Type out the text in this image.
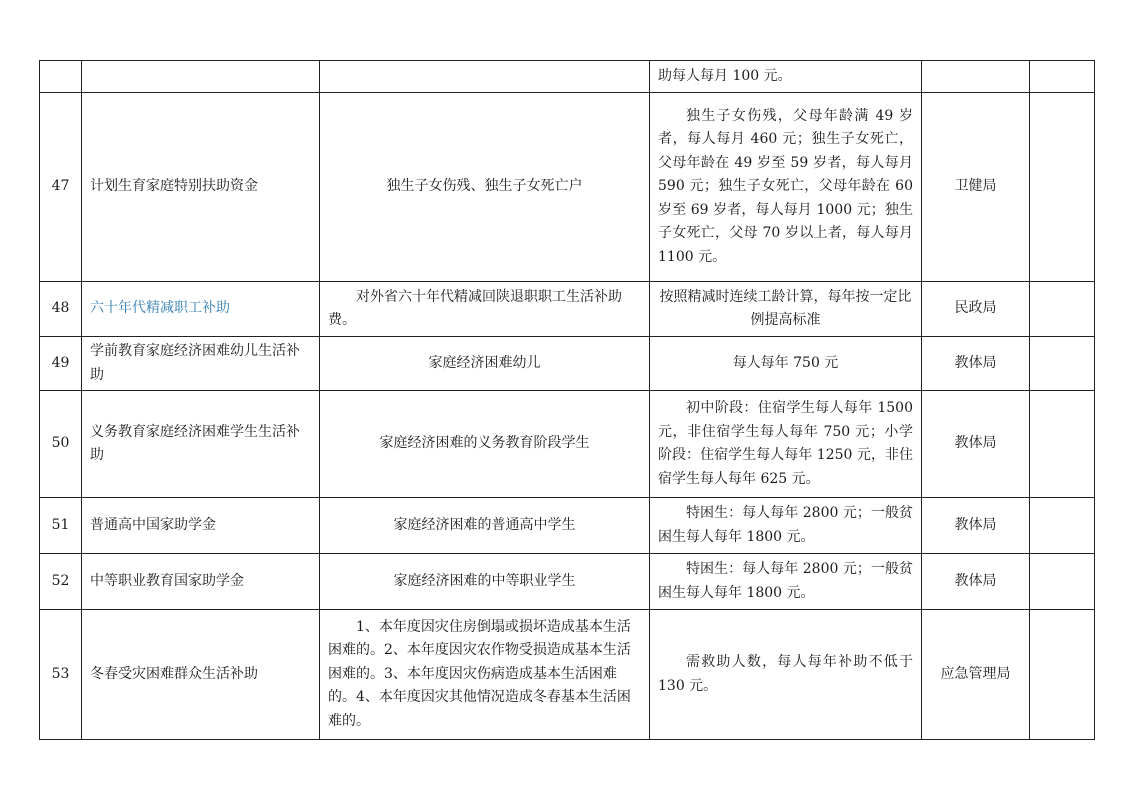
			助每人每月 100 元。		
47	计划生育家庭特别扶助资金	独生子女伤残、独生子女死亡户	独生子女伤残，父母年龄满 49 岁者，每人每月 460 元；独生子女死亡，父母年龄在 49 岁至 59 岁者，每人每月 590 元；独生子女死亡，父母年龄在 60 岁至 69 岁者，每人每月 1000 元；独生子女死亡，父母 70 岁以上者，每人每月 1100 元。	卫健局	
48	六十年代精减职工补助	对外省六十年代精减回陕退职职工生活补助费。	按照精减时连续工龄计算，每年按一定比例提高标准	民政局	
49	学前教育家庭经济困难幼儿生活补助	家庭经济困难幼儿	每人每年 750 元	教体局	
50	义务教育家庭经济困难学生生活补助	家庭经济困难的义务教育阶段学生	初中阶段：住宿学生每人每年 1500 元，非住宿学生每人每年 750 元；小学阶段：住宿学生每人每年 1250 元，非住宿学生每人每年 625 元。	教体局	
51	普通高中国家助学金	家庭经济困难的普通高中学生	特困生：每人每年 2800 元；一般贫困生每人每年 1800 元。	教体局	
52	中等职业教育国家助学金	家庭经济困难的中等职业学生	特困生：每人每年 2800 元；一般贫困生每人每年 1800 元。	教体局	
53	冬春受灾困难群众生活补助	1、本年度因灾住房倒塌或损坏造成基本生活困难的。2、本年度因灾农作物受损造成基本生活困难的。3、本年度因灾伤病造成基本生活困难的。4、本年度因灾其他情况造成冬春基本生活困难的。	需救助人数，每人每年补助不低于 130 元。	应急管理局	
